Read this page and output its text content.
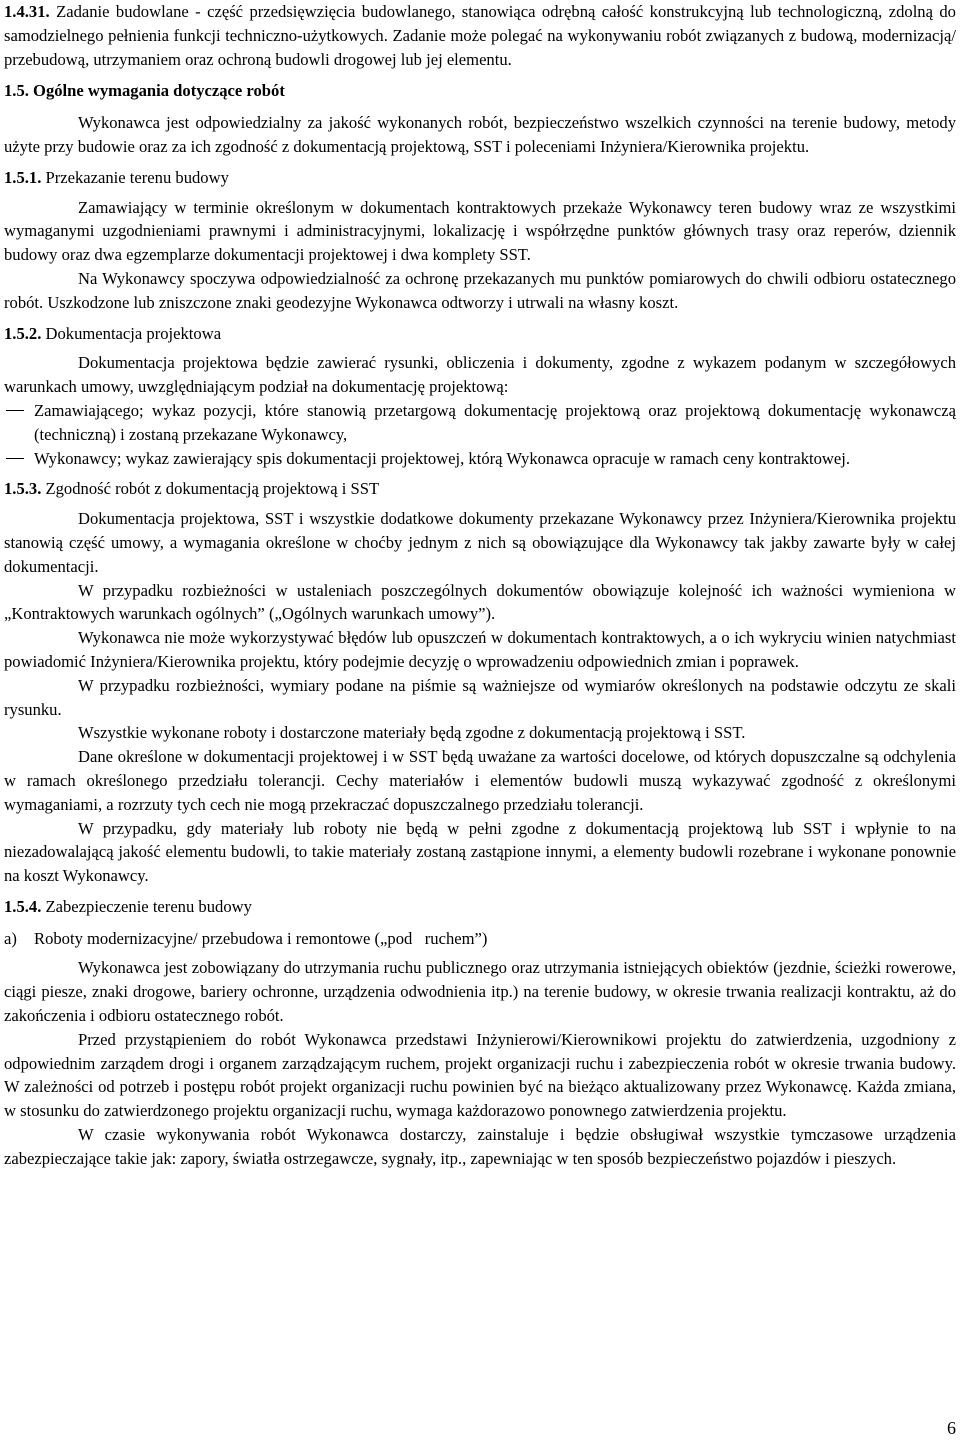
1.4.31. Zadanie budowlane - część przedsięwzięcia budowlanego, stanowiąca odrębną całość konstrukcyjną lub technologiczną, zdolną do samodzielnego pełnienia funkcji techniczno-użytkowych. Zadanie może polegać na wykonywaniu robót związanych z budową, modernizacją/ przebudową, utrzymaniem oraz ochroną budowli drogowej lub jej elementu.

1.5. Ogólne wymagania dotyczące robót

Wykonawca jest odpowiedzialny za jakość wykonanych robót, bezpieczeństwo wszelkich czynności na terenie budowy, metody użyte przy budowie oraz za ich zgodność z dokumentacją projektową, SST i poleceniami Inżyniera/Kierownika projektu.

1.5.1. Przekazanie terenu budowy

Zamawiający w terminie określonym w dokumentach kontraktowych przekaże Wykonawcy teren budowy wraz ze wszystkimi wymaganymi uzgodnieniami prawnymi i administracyjnymi, lokalizację i współrzędne punktów głównych trasy oraz reperów, dziennik budowy oraz dwa egzemplarze dokumentacji projektowej i dwa komplety SST.

Na Wykonawcy spoczywa odpowiedzialność za ochronę przekazanych mu punktów pomiarowych do chwili odbioru ostatecznego robót. Uszkodzone lub zniszczone znaki geodezyjne Wykonawca odtworzy i utrwali na własny koszt.

1.5.2. Dokumentacja projektowa

Dokumentacja projektowa będzie zawierać rysunki, obliczenia i dokumenty, zgodne z wykazem podanym w szczegółowych warunkach umowy, uwzględniającym podział na dokumentację projektową:

Zamawiającego; wykaz pozycji, które stanowią przetargową dokumentację projektową oraz projektową dokumentację wykonawczą (techniczną) i zostaną przekazane Wykonawcy,
Wykonawcy; wykaz zawierający spis dokumentacji projektowej, którą Wykonawca opracuje w ramach ceny kontraktowej.

1.5.3. Zgodność robót z dokumentacją projektową i SST

Dokumentacja projektowa, SST i wszystkie dodatkowe dokumenty przekazane Wykonawcy przez Inżyniera/Kierownika projektu stanowią część umowy, a wymagania określone w choćby jednym z nich są obowiązujące dla Wykonawcy tak jakby zawarte były w całej dokumentacji.

W przypadku rozbieżności w ustaleniach poszczególnych dokumentów obowiązuje kolejność ich ważności wymieniona w „Kontraktowych warunkach ogólnych” („Ogólnych warunkach umowy”).

Wykonawca nie może wykorzystywać błędów lub opuszczeń w dokumentach kontraktowych, a o ich wykryciu winien natychmiast powiadomić Inżyniera/Kierownika projektu, który podejmie decyzję o wprowadzeniu odpowiednich zmian i poprawek.

W przypadku rozbieżności, wymiary podane na piśmie są ważniejsze od wymiarów określonych na podstawie odczytu ze skali rysunku.

Wszystkie wykonane roboty i dostarczone materiały będą zgodne z dokumentacją projektową i SST.

Dane określone w dokumentacji projektowej i w SST będą uważane za wartości docelowe, od których dopuszczalne są odchylenia w ramach określonego przedziału tolerancji. Cechy materiałów i elementów budowli muszą wykazywać zgodność z określonymi wymaganiami, a rozrzuty tych cech nie mogą przekraczać dopuszczalnego przedziału tolerancji.

W przypadku, gdy materiały lub roboty nie będą w pełni zgodne z dokumentacją projektową lub SST i wpłynie to na niezadowalającą jakość elementu budowli, to takie materiały zostaną zastąpione innymi, a elementy budowli rozebrane i wykonane ponownie na koszt Wykonawcy.

1.5.4. Zabezpieczenie terenu budowy

a) Roboty modernizacyjne/ przebudowa i remontowe („pod   ruchem”)

Wykonawca jest zobowiązany do utrzymania ruchu publicznego oraz utrzymania istniejących obiektów (jezdnie, ścieżki rowerowe, ciągi piesze, znaki drogowe, bariery ochronne, urządzenia odwodnienia itp.) na terenie budowy, w okresie trwania realizacji kontraktu, aż do zakończenia i odbioru ostatecznego robót.

Przed przystąpieniem do robót Wykonawca przedstawi Inżynierowi/Kierownikowi projektu do zatwierdzenia, uzgodniony z odpowiednim zarządem drogi i organem zarządzającym ruchem, projekt organizacji ruchu i zabezpieczenia robót w okresie trwania budowy. W zależności od potrzeb i postępu robót projekt organizacji ruchu powinien być na bieżąco aktualizowany przez Wykonawcę. Każda zmiana, w stosunku do zatwierdzonego projektu organizacji ruchu, wymaga każdorazowo ponownego zatwierdzenia projektu.

W czasie wykonywania robót Wykonawca dostarczy, zainstaluje i będzie obsługiwał wszystkie tymczasowe urządzenia zabezpieczające takie jak: zapory, światła ostrzegawcze, sygnały, itp., zapewniając w ten sposób bezpieczeństwo pojazdów i pieszych.

6
